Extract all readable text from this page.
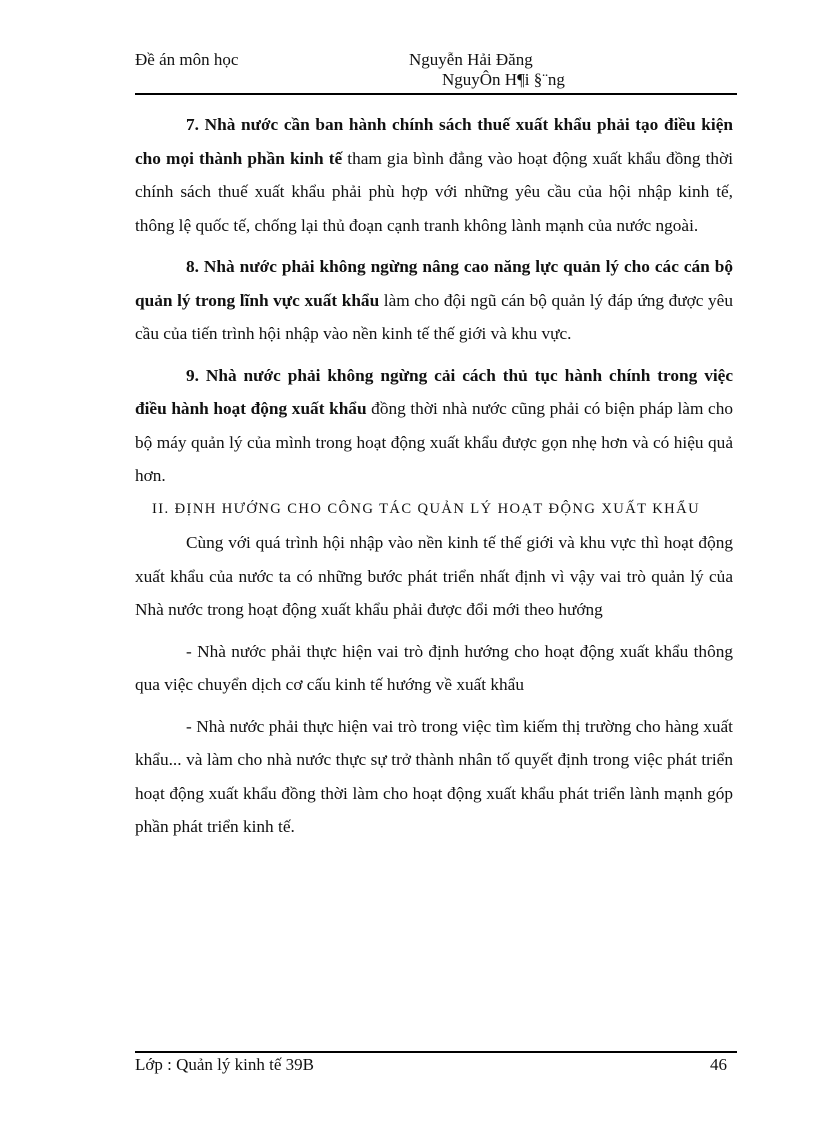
Đề án môn học	Nguyễn Hải Đăng
NguyÔn H¶i §¨ng

7. Nhà nước cần ban hành chính sách thuế xuất khẩu phải tạo điều kiện cho mọi thành phần kinh tế tham gia bình đẳng vào hoạt động xuất khẩu đồng thời chính sách thuế xuất khẩu phải phù hợp với những yêu cầu của hội nhập kinh tế, thông lệ quốc tế, chống lại thủ đoạn cạnh tranh không lành mạnh của nước ngoài.

8. Nhà nước phải không ngừng nâng cao năng lực quản lý cho các cán bộ quản lý trong lĩnh vực xuất khẩu làm cho đội ngũ cán bộ quản lý đáp ứng được yêu cầu của tiến trình hội nhập vào nền kinh tế thế giới và khu vực.

9. Nhà nước phải không ngừng cải cách thủ tục hành chính trong việc điều hành hoạt động xuất khẩu đồng thời nhà nước cũng phải có biện pháp làm cho bộ máy quản lý của mình trong hoạt động xuất khẩu được gọn nhẹ hơn và có hiệu quả hơn.

II. ĐỊNH HƯỚNG CHO CÔNG TÁC QUẢN LÝ HOẠT ĐỘNG XUẤT KHẨU

Cùng với quá trình hội nhập vào nền kinh tế thế giới và khu vực thì hoạt động xuất khẩu của nước ta có những bước phát triển nhất định vì vậy vai trò quản lý của Nhà nước trong hoạt động xuất khẩu phải được đổi mới theo hướng

- Nhà nước phải thực hiện vai trò định hướng cho hoạt động xuất khẩu thông qua việc chuyển dịch cơ cấu kinh tế hướng về xuất khẩu

- Nhà nước phải thực hiện vai trò trong việc tìm kiếm thị trường cho hàng xuất khẩu... và làm cho nhà nước thực sự trở thành nhân tố quyết định trong việc phát triển hoạt động xuất khẩu đồng thời làm cho hoạt động xuất khẩu phát triển lành mạnh góp phần phát triển kinh tế.

Lớp : Quản lý kinh tế 39B	46
